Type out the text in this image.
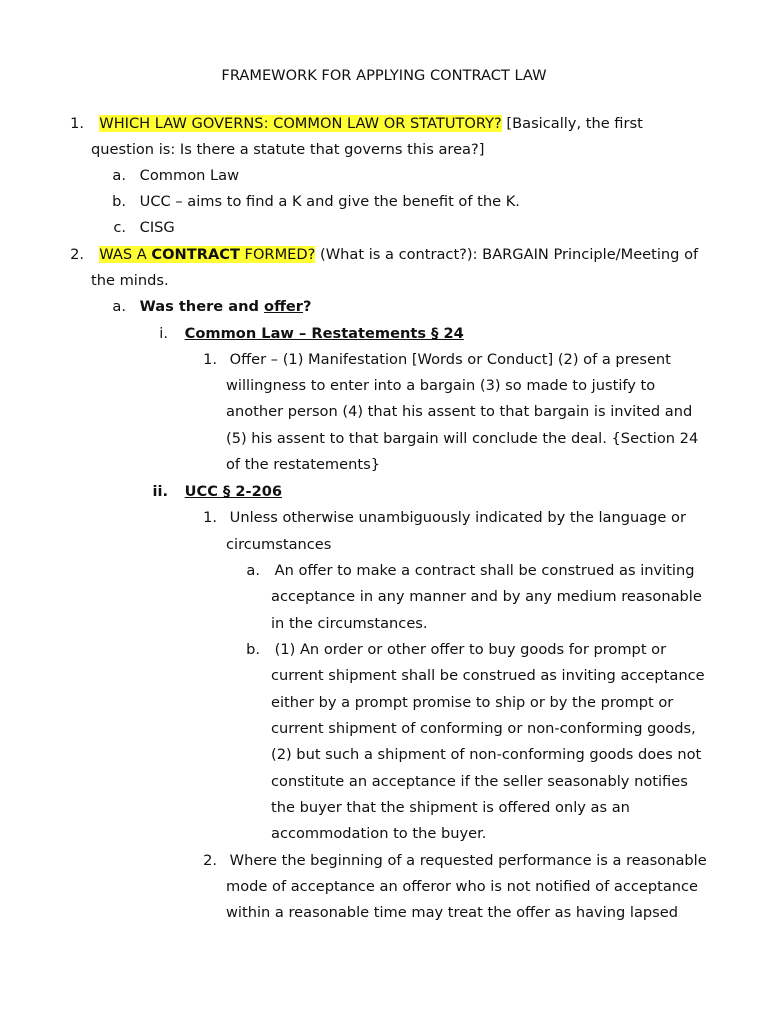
FRAMEWORK FOR APPLYING CONTRACT LAW
1. WHICH LAW GOVERNS: COMMON LAW OR STATUTORY? [Basically, the first
question is: Is there a statute that governs this area?]
a. Common Law
b. UCC – aims to find a K and give the benefit of the K.
c. CISG
2. WAS A CONTRACT FORMED? (What is a contract?): BARGAIN Principle/Meeting of
the minds.
a. Was there and offer?
i. Common Law – Restatements § 24
1. Offer – (1) Manifestation [Words or Conduct] (2) of a present
willingness to enter into a bargain (3) so made to justify to
another person (4) that his assent to that bargain is invited and
(5) his assent to that bargain will conclude the deal. {Section 24
of the restatements}
ii. UCC § 2-206
1. Unless otherwise unambiguously indicated by the language or
circumstances
a. An offer to make a contract shall be construed as inviting
acceptance in any manner and by any medium reasonable
in the circumstances.
b. (1) An order or other offer to buy goods for prompt or
current shipment shall be construed as inviting acceptance
either by a prompt promise to ship or by the prompt or
current shipment of conforming or non-conforming goods,
(2) but such a shipment of non-conforming goods does not
constitute an acceptance if the seller seasonably notifies
the buyer that the shipment is offered only as an
accommodation to the buyer.
2. Where the beginning of a requested performance is a reasonable
mode of acceptance an offeror who is not notified of acceptance
within a reasonable time may treat the offer as having lapsed
